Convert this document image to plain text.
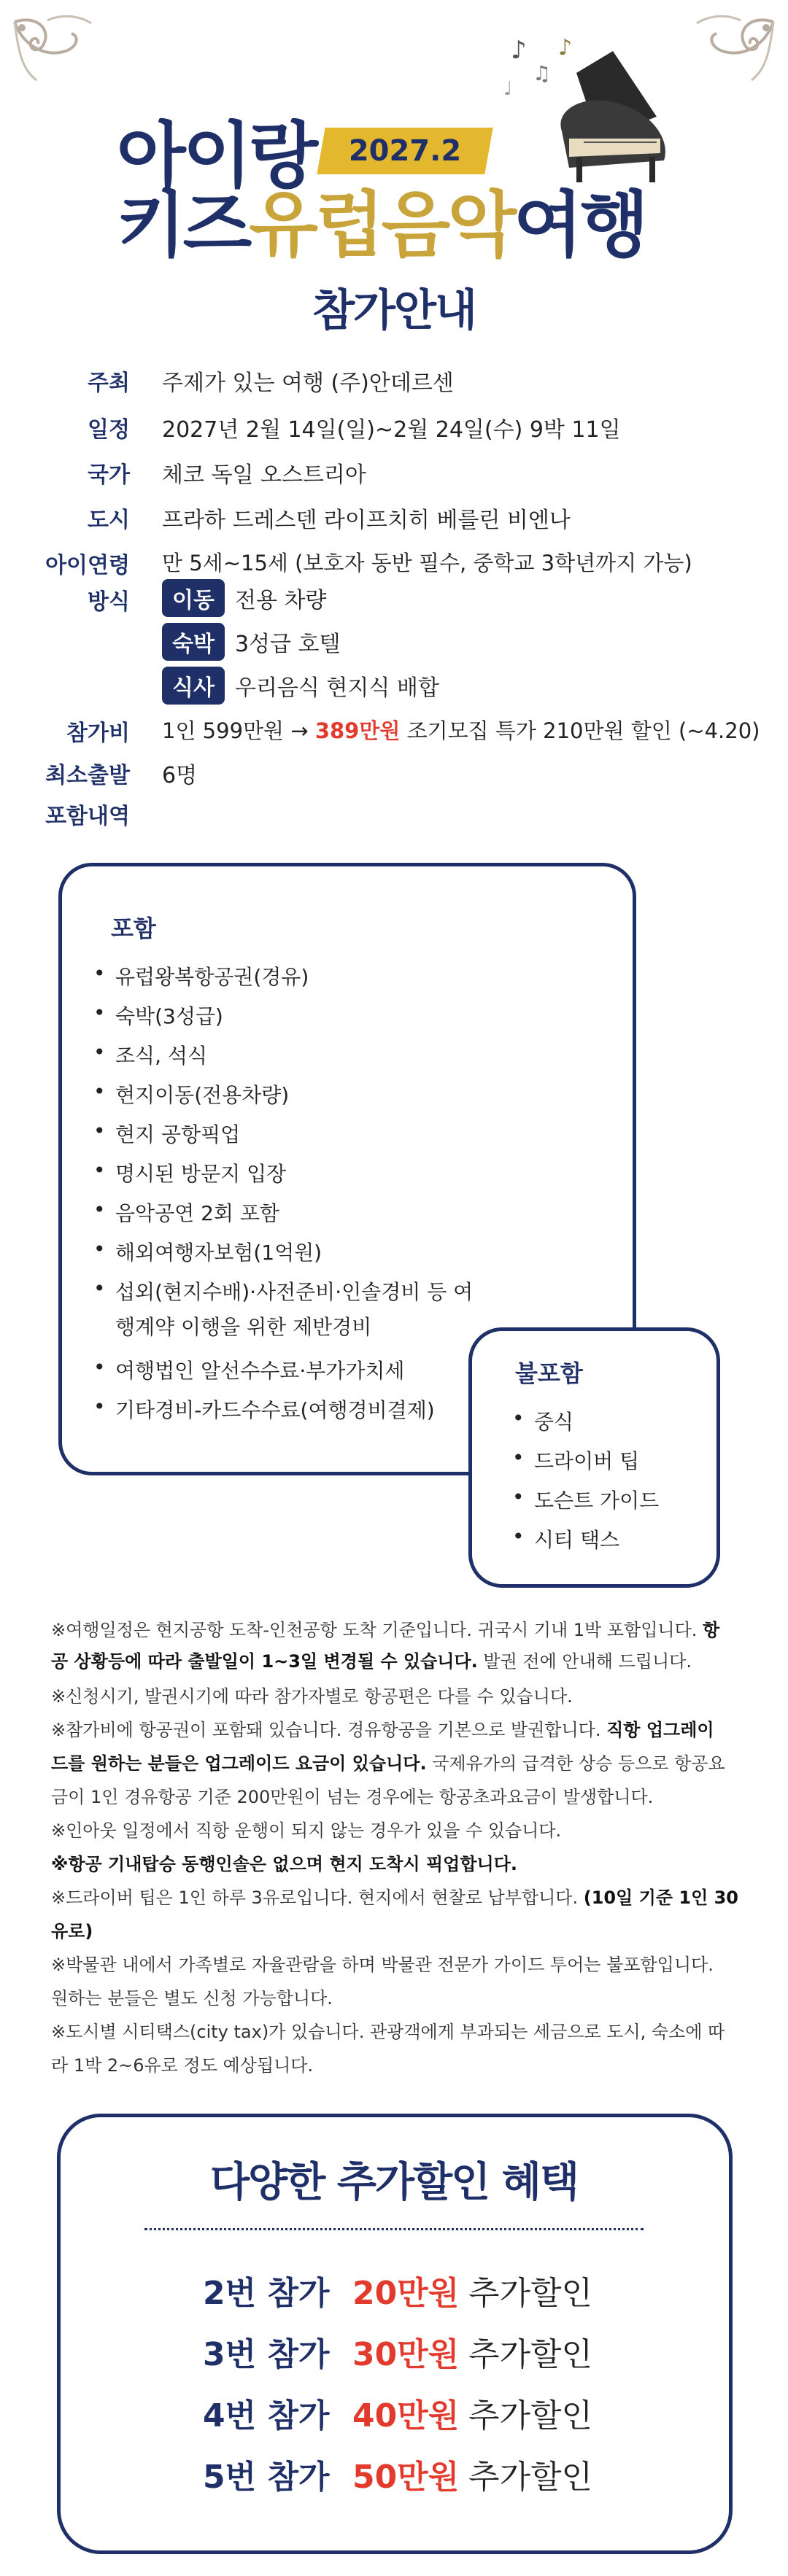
♪
♫
♩
♪
아이랑	2027.2
키즈유럽음악여행
참가안내
주최 주제가 있는 여행 (주)안데르센
일정 2027년 2월 14일(일)~2월 24일(수) 9박 11일
국가 체코 독일 오스트리아
도시 프라하 드레스덴 라이프치히 베를린 비엔나
아이연령 만 5세~15세 (보호자 동반 필수, 중학교 3학년까지 가능)
방식	이동 전용 차량
숙박 3성급 호텔
식사 우리음식 현지식 배합
참가비 1인 599만원 → 389만원 조기모집 특가 210만원 할인 (~4.20)
최소출발 6명
포함내역
포함
• 유럽왕복항공권(경유)
• 숙박(3성급)
• 조식, 석식
• 현지이동(전용차량)
• 현지 공항픽업
• 명시된 방문지 입장
• 음악공연 2회 포함
• 해외여행자보험(1억원)
• 섭외(현지수배)·사전준비·인솔경비 등 여
행계약 이행을 위한 제반경비
• 여행법인 알선수수료·부가가치세
• 기타경비-카드수수료(여행경비결제)
불포함
• 중식
• 드라이버 팁
• 도슨트 가이드
• 시티 택스
※여행일정은 현지공항 도착-인천공항 도착 기준입니다. 귀국시 기내 1박 포함입니다. 항
공 상황등에 따라 출발일이 1~3일 변경될 수 있습니다. 발권 전에 안내해 드립니다.
※신청시기, 발권시기에 따라 참가자별로 항공편은 다를 수 있습니다.
※참가비에 항공권이 포함돼 있습니다. 경유항공을 기본으로 발권합니다. 직항 업그레이
드를 원하는 분들은 업그레이드 요금이 있습니다. 국제유가의 급격한 상승 등으로 항공요
금이 1인 경유항공 기준 200만원이 넘는 경우에는 항공초과요금이 발생합니다.
※인아웃 일정에서 직항 운행이 되지 않는 경우가 있을 수 있습니다.
※항공 기내탑승 동행인솔은 없으며 현지 도착시 픽업합니다.
※드라이버 팁은 1인 하루 3유로입니다. 현지에서 현찰로 납부합니다. (10일 기준 1인 30
유로)
※박물관 내에서 가족별로 자율관람을 하며 박물관 전문가 가이드 투어는 불포함입니다.
원하는 분들은 별도 신청 가능합니다.
※도시별 시티택스(city tax)가 있습니다. 관광객에게 부과되는 세금으로 도시, 숙소에 따
라 1박 2~6유로 정도 예상됩니다.
다양한 추가할인 혜택
2번 참가 20만원 추가할인
3번 참가 30만원 추가할인
4번 참가 40만원 추가할인
5번 참가 50만원 추가할인
